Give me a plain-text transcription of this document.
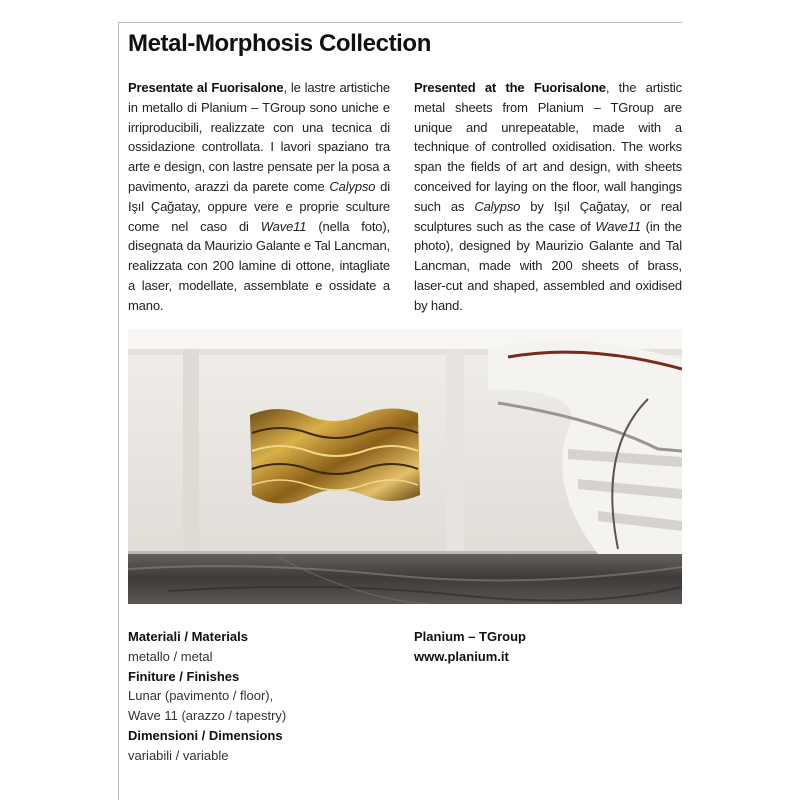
Metal-Morphosis Collection
Presentate al Fuorisalone, le lastre artistiche in metallo di Planium – TGroup sono uniche e irriproducibili, realizzate con una tecnica di ossidazione controllata. I lavori spaziano tra arte e design, con lastre pensate per la posa a pavimento, arazzi da parete come Calypso di Işıl Çağatay, oppure vere e proprie sculture come nel caso di Wave11 (nella foto), disegnata da Maurizio Galante e Tal Lancman, realizzata con 200 lamine di ottone, intagliate a laser, modellate, assemblate e ossidate a mano.
Presented at the Fuorisalone, the artistic metal sheets from Planium – TGroup are unique and unrepeatable, made with a technique of controlled oxidisation. The works span the fields of art and design, with sheets conceived for laying on the floor, wall hangings such as Calypso by Işıl Çağatay, or real sculptures such as the case of Wave11 (in the photo), designed by Maurizio Galante and Tal Lancman, made with 200 sheets of brass, laser-cut and shaped, assembled and oxidised by hand.
Materiali / Materials
metallo / metal
Finiture / Finishes
Lunar (pavimento / floor),
Wave 11 (arazzo / tapestry)
Dimensioni / Dimensions
variabili / variable
Planium – TGroup
www.planium.it
